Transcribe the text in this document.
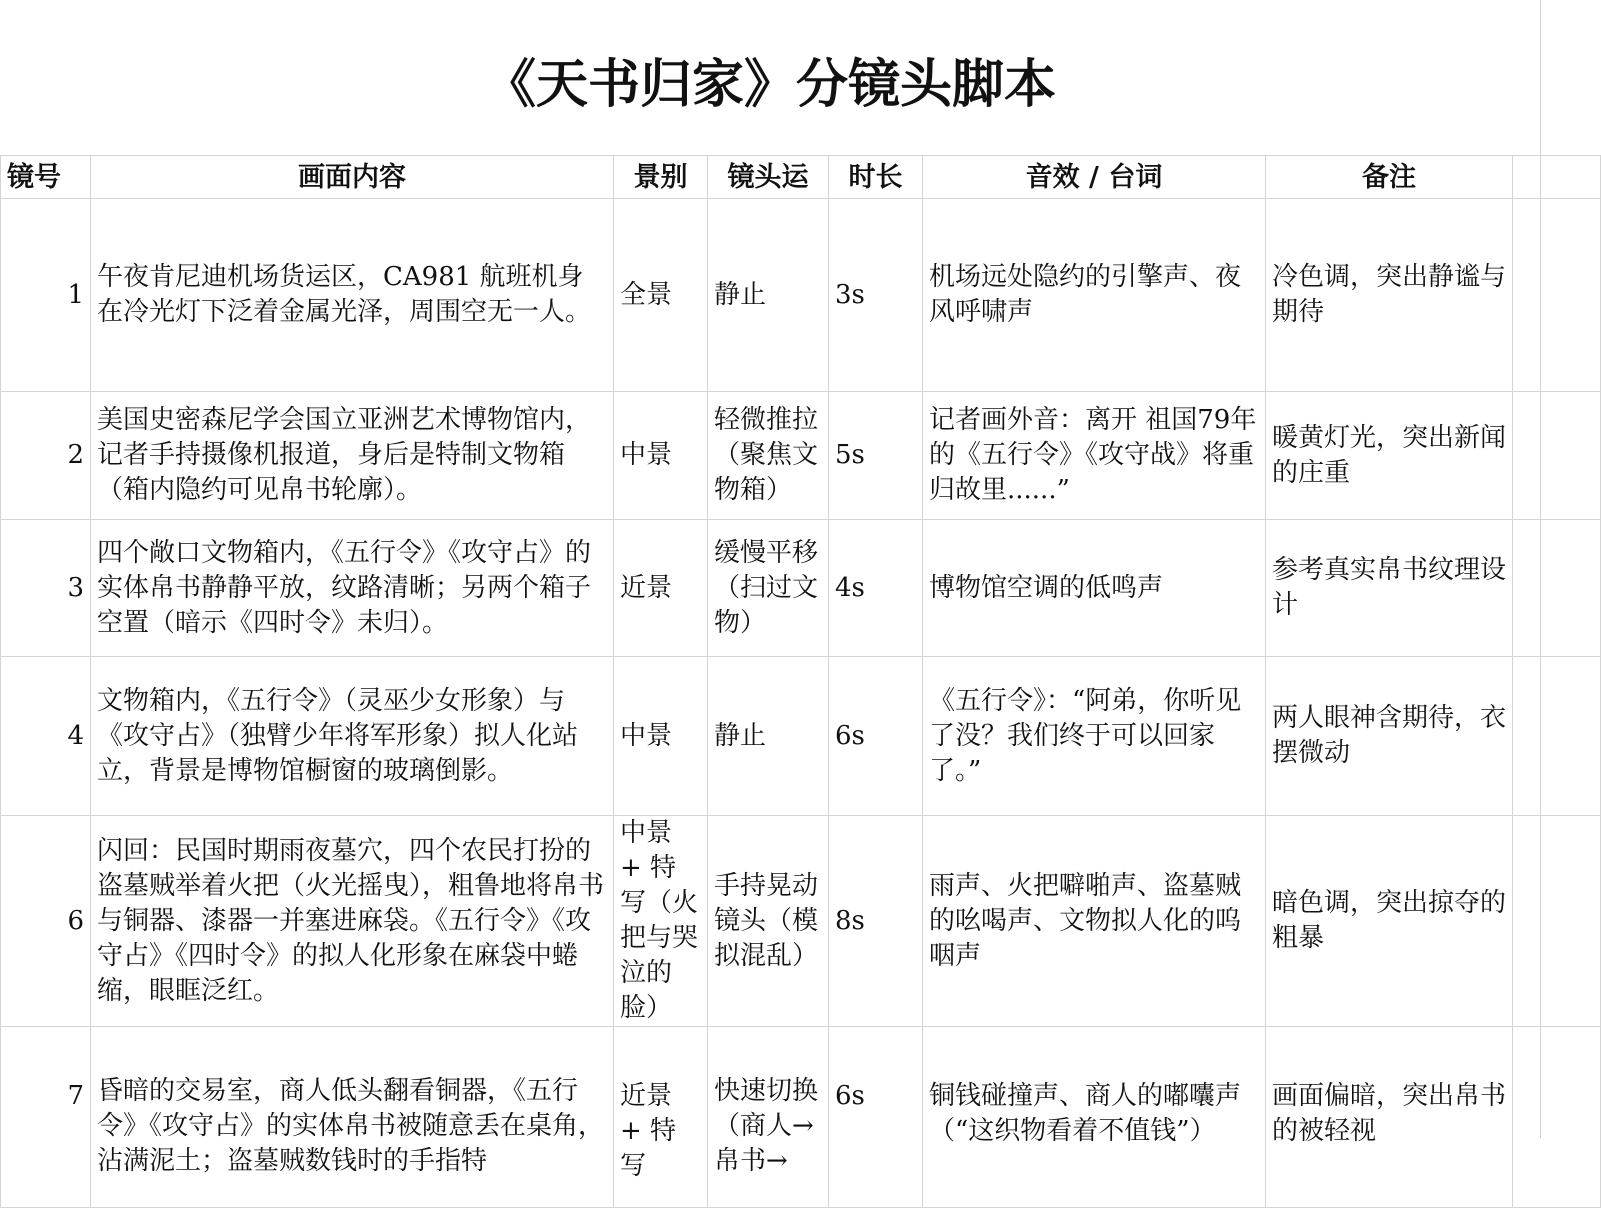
《天书归家》分镜头脚本
镜号	画面内容	景别	镜头运	时长	音效 / 台词	备注	
1	午夜肯尼迪机场货运区，CA981 航班机身在冷光灯下泛着金属光泽，周围空无一人。	全景	静止	3s	机场远处隐约的引擎声、夜风呼啸声	冷色调，突出静谧与期待	
2	美国史密森尼学会国立亚洲艺术博物馆内，记者手持摄像机报道，身后是特制文物箱（箱内隐约可见帛书轮廓）。	中景	轻微推拉（聚焦文物箱）	5s	记者画外音：离开 祖国79年的《五行令》《攻守战》将重归故里......”	暖黄灯光，突出新闻的庄重	
3	四个敞口文物箱内，《五行令》《攻守占》的实体帛书静静平放，纹路清晰；另两个箱子空置（暗示《四时令》未归）。	近景	缓慢平移（扫过文物）	4s	博物馆空调的低鸣声	参考真实帛书纹理设计	
4	文物箱内，《五行令》（灵巫少女形象）与《攻守占》（独臂少年将军形象）拟人化站立，背景是博物馆橱窗的玻璃倒影。	中景	静止	6s	《五行令》：“阿弟，你听见了没？我们终于可以回家了。”	两人眼神含期待，衣摆微动	
6	闪回：民国时期雨夜墓穴，四个农民打扮的盗墓贼举着火把（火光摇曳），粗鲁地将帛书与铜器、漆器一并塞进麻袋。《五行令》《攻守占》《四时令》的拟人化形象在麻袋中蜷缩，眼眶泛红。	中景 + 特写（火把与哭泣的脸）	手持晃动镜头（模拟混乱）	8s	雨声、火把噼啪声、盗墓贼的吆喝声、文物拟人化的呜咽声	暗色调，突出掠夺的粗暴	

7	昏暗的交易室，商人低头翻看铜器，《五行令》《攻守占》的实体帛书被随意丢在桌角，沾满泥土；盗墓贼数钱时的手指特	近景 + 特写	快速切换（商人→帛书→	6s	铜钱碰撞声、商人的嘟囔声（“这织物看着不值钱”）	画面偏暗，突出帛书的被轻视	
